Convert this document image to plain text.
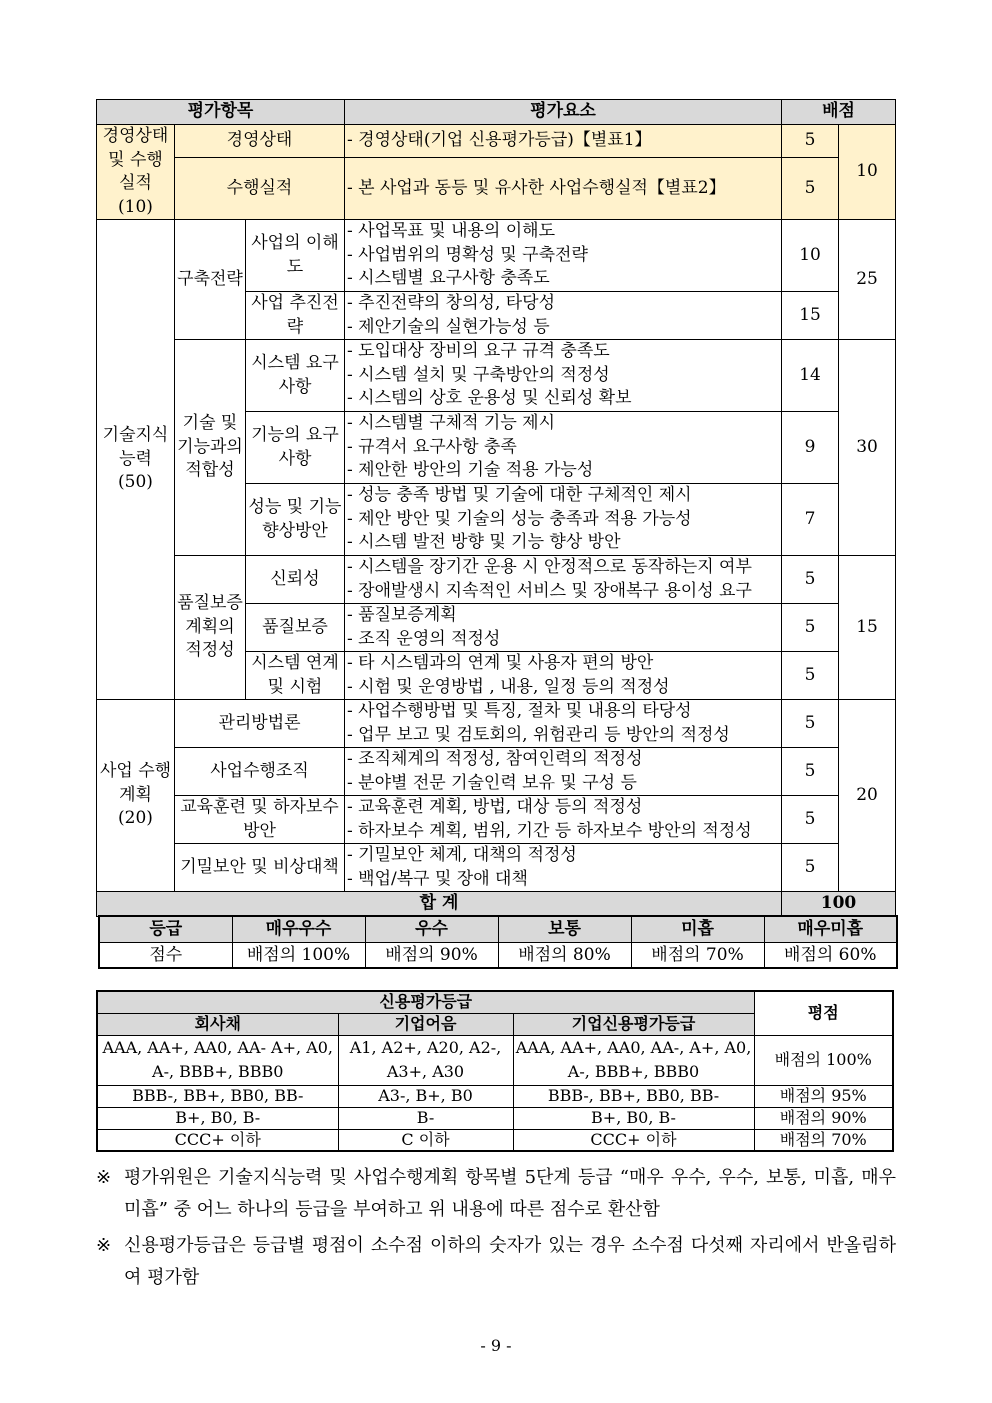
평가항목			평가요소	배점	
경영상태 및 수행 실적 (10)	경영상태		- 경영상태(기업 신용평가등급)【별표1】	5	10
	수행실적		- 본 사업과 동등 및 유사한 사업수행실적【별표2】	5	
기술지식 능력 (50)	구축전략	사업의 이해도	- 사업목표 및 내용의 이해도
- 사업범위의 명확성 및 구축전략
- 시스템별 요구사항 충족도	10	25
		사업 추진전략	- 추진전략의 창의성, 타당성
- 제안기술의 실현가능성 등	15	
	기술 및 기능과의 적합성	시스템 요구사항	- 도입대상 장비의 요구 규격 충족도
- 시스템 설치 및 구축방안의 적정성
- 시스템의 상호 운용성 및 신뢰성 확보	14	30
		기능의 요구사항	- 시스템별 구체적 기능 제시
- 규격서 요구사항 충족
- 제안한 방안의 기술 적용 가능성	9	
		성능 및 기능향상방안	- 성능 충족 방법 및 기술에 대한 구체적인 제시
- 제안 방안 및 기술의 성능 충족과 적용 가능성
- 시스템 발전 방향 및 기능 향상 방안	7	
	품질보증 계획의 적정성	신뢰성	- 시스템을 장기간 운용 시 안정적으로 동작하는지 여부
- 장애발생시 지속적인 서비스 및 장애복구 용이성 요구	5	15
		품질보증	- 품질보증계획
- 조직 운영의 적정성	5	
		시스템 연계 및 시험	- 타 시스템과의 연계 및 사용자 편의 방안
- 시험 및 운영방법 , 내용, 일정 등의 적정성	5	
사업 수행계획 (20)	관리방법론		- 사업수행방법 및 특징, 절차 및 내용의 타당성
- 업무 보고 및 검토회의, 위험관리 등 방안의 적정성	5	20
	사업수행조직		- 조직체계의 적정성, 참여인력의 적정성
- 분야별 전문 기술인력 보유 및 구성 등	5	
	교육훈련 및 하자보수방안		- 교육훈련 계획, 방법, 대상 등의 적정성
- 하자보수 계획, 범위, 기간 등 하자보수 방안의 적정성	5	
	기밀보안 및 비상대책		- 기밀보안 체계, 대책의 적정성
- 백업/복구 및 장애 대책	5	
합 계				100	
등급	매우우수	우수	보통	미흡	매우미흡
점수	배점의 100%	배점의 90%	배점의 80%	배점의 70%	배점의 60%
신용평가등급			평점
회사채	기업어음	기업신용평가등급	
AAA, AA+, AA0, AA- A+, A0, A-, BBB+, BBB0	A1, A2+, A20, A2-, A3+, A30	AAA, AA+, AA0, AA-, A+, A0, A-, BBB+, BBB0	배점의 100%
BBB-, BB+, BB0, BB-	A3-, B+, B0	BBB-, BB+, BB0, BB-	배점의 95%
B+, B0, B-	B-	B+, B0, B-	배점의 90%
CCC+ 이하	C 이하	CCC+ 이하	배점의 70%
※ 평가위원은 기술지식능력 및 사업수행계획 항목별 5단계 등급 “매우 우수, 우수, 보통, 미흡, 매우 미흡” 중 어느 하나의 등급을 부여하고 위 내용에 따른 점수로 환산함
※ 신용평가등급은 등급별 평점이 소수점 이하의 숫자가 있는 경우 소수점 다섯째 자리에서 반올림하여 평가함
- 9 -
